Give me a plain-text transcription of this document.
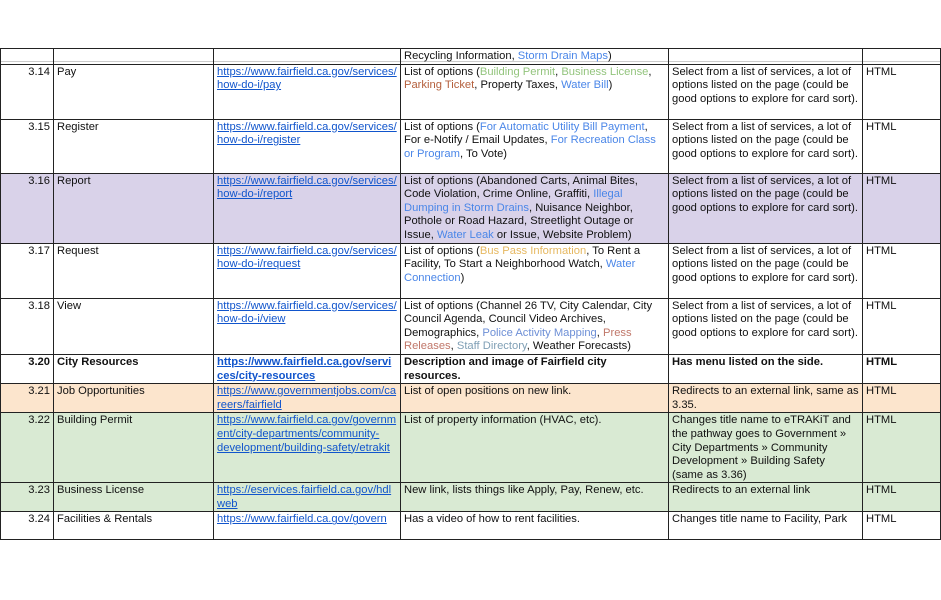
			Recycling Information, Storm Drain Maps)		
3.14	Pay	https://www.fairfield.ca.gov/services/how-do-i/pay	List of options (Building Permit, Business License, Parking Ticket, Property Taxes, Water Bill)	Select from a list of services, a lot of options listed on the page (could be good options to explore for card sort).	HTML
3.15	Register	https://www.fairfield.ca.gov/services/how-do-i/register	List of options (For Automatic Utility Bill Payment, For e-Notify / Email Updates, For Recreation Class or Program, To Vote)	Select from a list of services, a lot of options listed on the page (could be good options to explore for card sort).	HTML
3.16	Report	https://www.fairfield.ca.gov/services/how-do-i/report	List of options (Abandoned Carts, Animal Bites, Code Violation, Crime Online, Graffiti, Illegal Dumping in Storm Drains, Nuisance Neighbor, Pothole or Road Hazard, Streetlight Outage or Issue, Water Leak or Issue, Website Problem)	Select from a list of services, a lot of options listed on the page (could be good options to explore for card sort).	HTML
3.17	Request	https://www.fairfield.ca.gov/services/how-do-i/request	List of options (Bus Pass Information, To Rent a Facility, To Start a Neighborhood Watch, Water Connection)	Select from a list of services, a lot of options listed on the page (could be good options to explore for card sort).	HTML
3.18	View	https://www.fairfield.ca.gov/services/how-do-i/view	List of options (Channel 26 TV, City Calendar, City Council Agenda, Council Video Archives, Demographics, Police Activity Mapping, Press Releases, Staff Directory, Weather Forecasts)	Select from a list of services, a lot of options listed on the page (could be good options to explore for card sort).	HTML
3.20	City Resources	https://www.fairfield.ca.gov/services/city-resources	Description and image of Fairfield city resources.	Has menu listed on the side.	HTML
3.21	Job Opportunities	https://www.governmentjobs.com/careers/fairfield	List of open positions on new link.	Redirects to an external link, same as 3.35.	HTML
3.22	Building Permit	https://www.fairfield.ca.gov/government/city-departments/community-development/building-safety/etrakit	List of property information (HVAC, etc).	Changes title name to eTRAKiT and the pathway goes to Government » City Departments » Community Development » Building Safety (same as 3.36)	HTML
3.23	Business License	https://eservices.fairfield.ca.gov/hdlweb	New link, lists things like Apply, Pay, Renew, etc.	Redirects to an external link	HTML
3.24	Facilities & Rentals	https://www.fairfield.ca.gov/govern	Has a video of how to rent facilities.	Changes title name to Facility, Park	HTML
